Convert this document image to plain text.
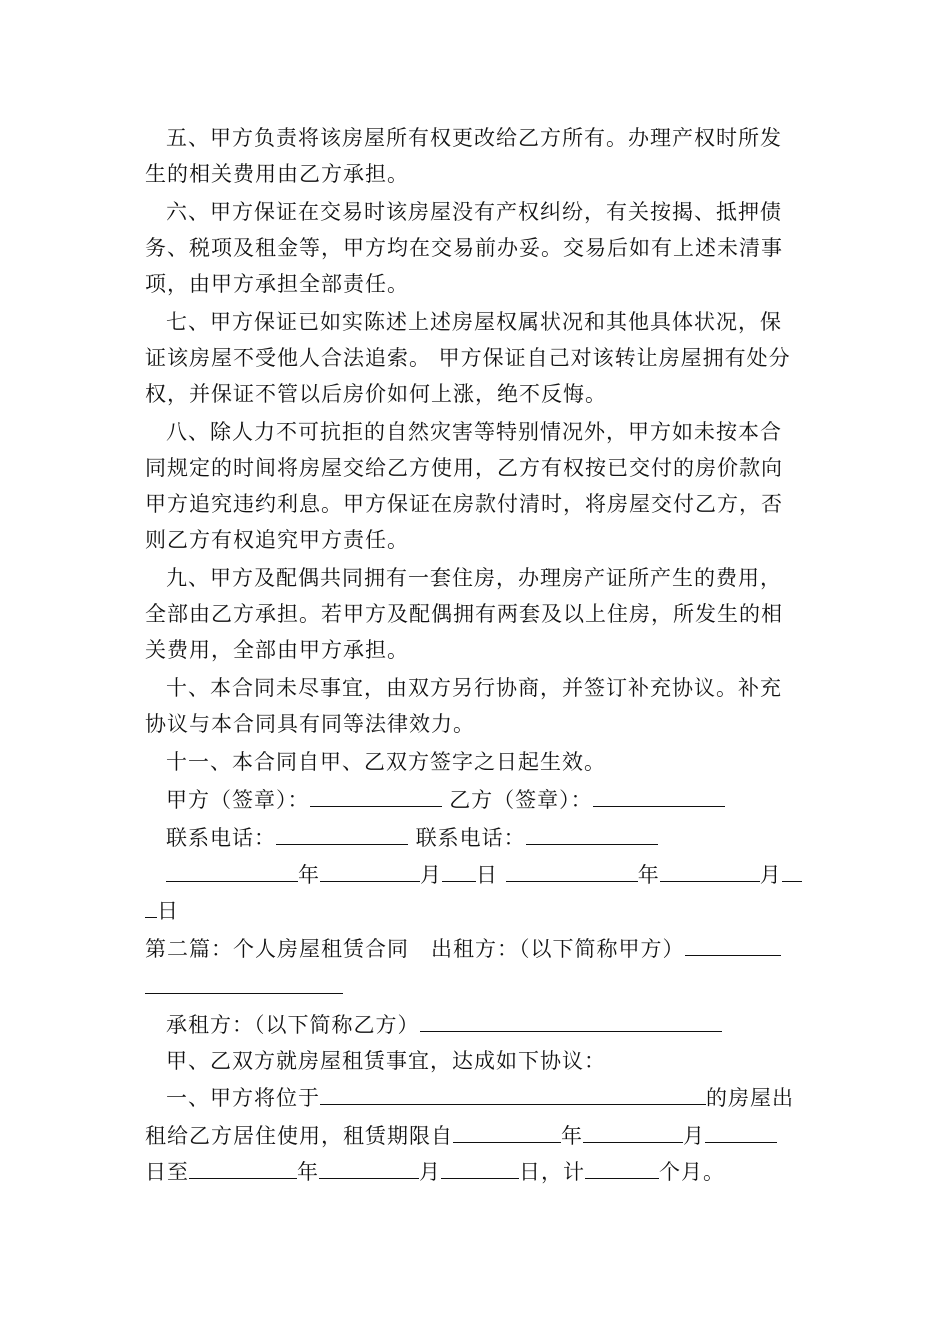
五、甲方负责将该房屋所有权更改给乙方所有。办理产权时所发
生的相关费用由乙方承担。
六、甲方保证在交易时该房屋没有产权纠纷，有关按揭、抵押债
务、税项及租金等，甲方均在交易前办妥。交易后如有上述未清事
项，由甲方承担全部责任。
七、甲方保证已如实陈述上述房屋权属状况和其他具体状况，保
证该房屋不受他人合法追索。 甲方保证自己对该转让房屋拥有处分
权，并保证不管以后房价如何上涨，绝不反悔。
八、除人力不可抗拒的自然灾害等特别情况外，甲方如未按本合
同规定的时间将房屋交给乙方使用，乙方有权按已交付的房价款向
甲方追究违约利息。甲方保证在房款付清时，将房屋交付乙方，否
则乙方有权追究甲方责任。
九、甲方及配偶共同拥有一套住房，办理房产证所产生的费用，
全部由乙方承担。若甲方及配偶拥有两套及以上住房，所发生的相
关费用，全部由甲方承担。
十、本合同未尽事宜，由双方另行协商，并签订补充协议。补充
协议与本合同具有同等法律效力。
十一、本合同自甲、乙双方签字之日起生效。
甲方（签章）：	乙方（签章）：
联系电话：	联系电话：
年	月 日	年	月
日
第二篇：个人房屋租赁合同 出租方：（以下简称甲方）
承租方：（以下简称乙方）
甲、乙双方就房屋租赁事宜，达成如下协议：
一、甲方将位于	的房屋出
租给乙方居住使用，租赁期限自	年	月
日至	年	月	日，计	个月。
